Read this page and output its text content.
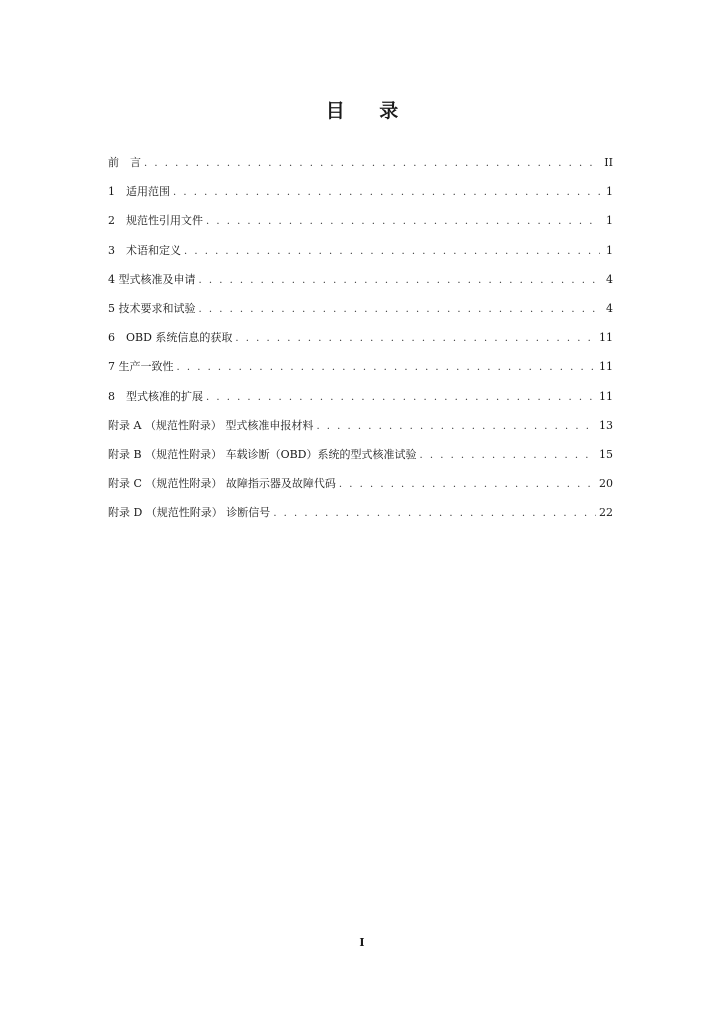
目 录
前　言 . . .	II
1　适用范围 . . .	1
2　规范性引用文件 . . .	1
3　术语和定义 . . .	1
4 型式核准及申请 . . .	4
5 技术要求和试验 . . .	4
6　OBD 系统信息的获取 . . .	11
7 生产一致性 . . .	11
8　型式核准的扩展 . . .	11
附录 A （规范性附录） 型式核准申报材料 . . .	13
附录 B （规范性附录） 车载诊断（OBD）系统的型式核准试验 . . .	15
附录 C （规范性附录） 故障指示器及故障代码 . . .	20
附录 D （规范性附录） 诊断信号 . . .	22
I
